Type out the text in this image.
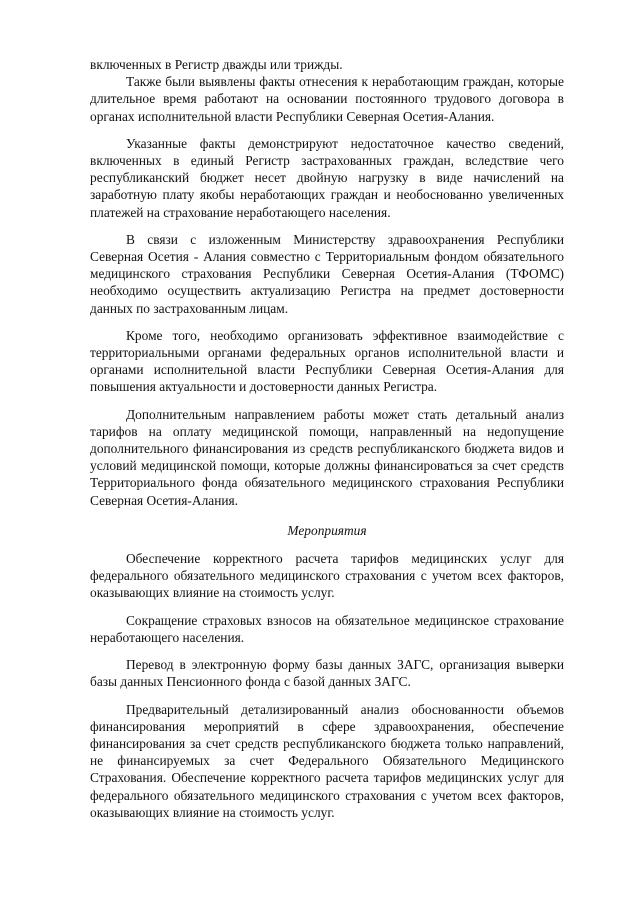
включенных в Регистр дважды или трижды.

Также были выявлены факты отнесения к неработающим граждан, которые длительное время работают на основании постоянного трудового договора в органах исполнительной власти Республики Северная Осетия-Алания.

Указанные факты демонстрируют недостаточное качество сведений, включенных в единый Регистр застрахованных граждан, вследствие чего республиканский бюджет несет двойную нагрузку в виде начислений на заработную плату якобы неработающих граждан и необоснованно увеличенных платежей на страхование неработающего населения.

В связи с изложенным Министерству здравоохранения Республики Северная Осетия - Алания совместно с Территориальным фондом обязательного медицинского страхования Республики Северная Осетия-Алания (ТФОМС) необходимо осуществить актуализацию Регистра на предмет достоверности данных по застрахованным лицам.

Кроме того, необходимо организовать эффективное взаимодействие с территориальными органами федеральных органов исполнительной власти и органами исполнительной власти Республики Северная Осетия-Алания для повышения актуальности и достоверности данных Регистра.

Дополнительным направлением работы может стать детальный анализ тарифов на оплату медицинской помощи, направленный на недопущение дополнительного финансирования из средств республиканского бюджета видов и условий медицинской помощи, которые должны финансироваться за счет средств Территориального фонда обязательного медицинского страхования Республики Северная Осетия-Алания.

Мероприятия

Обеспечение корректного расчета тарифов медицинских услуг для федерального обязательного медицинского страхования с учетом всех факторов, оказывающих влияние на стоимость услуг.

Сокращение страховых взносов на обязательное медицинское страхование неработающего населения.

Перевод в электронную форму базы данных ЗАГС, организация выверки базы данных Пенсионного фонда с базой данных ЗАГС.

Предварительный детализированный анализ обоснованности объемов финансирования мероприятий в сфере здравоохранения, обеспечение финансирования за счет средств республиканского бюджета только направлений, не финансируемых за счет Федерального Обязательного Медицинского Страхования. Обеспечение корректного расчета тарифов медицинских услуг для федерального обязательного медицинского страхования с учетом всех факторов, оказывающих влияние на стоимость услуг.
